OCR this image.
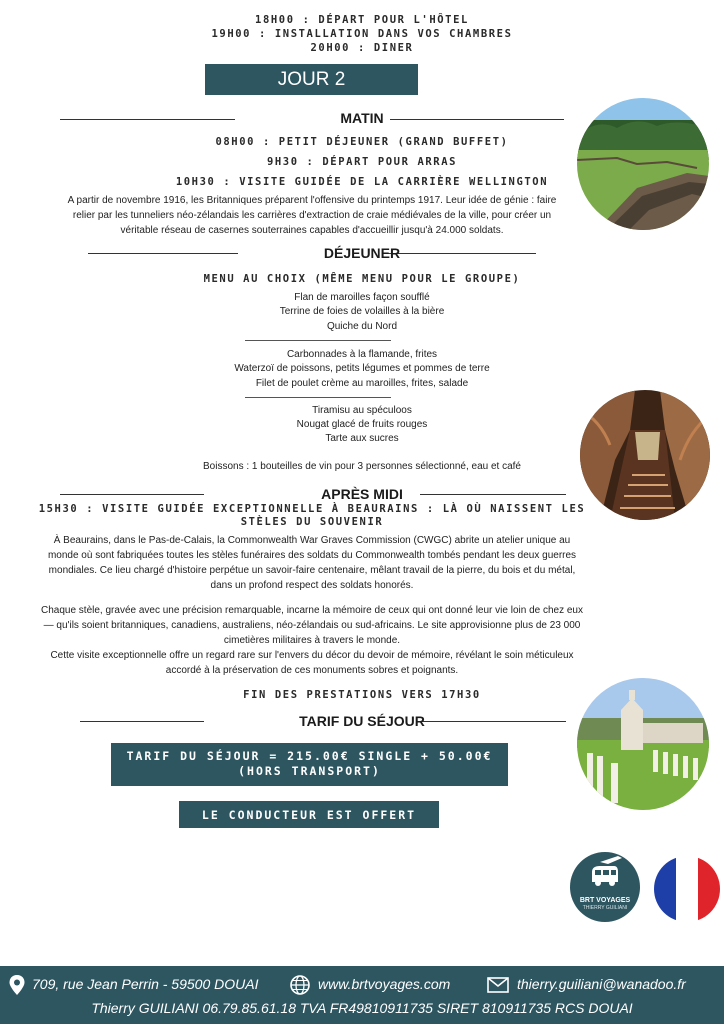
18H00 : DÉPART POUR L'HÔTEL
19H00 : INSTALLATION DANS VOS CHAMBRES
20H00 : DINER
JOUR 2
MATIN
08H00 : PETIT DÉJEUNER (GRAND BUFFET)
9H30 : DÉPART POUR ARRAS
10H30 : VISITE GUIDÉE DE LA CARRIÈRE WELLINGTON
A partir de novembre 1916, les Britanniques préparent l'offensive du printemps 1917. Leur idée de génie : faire relier par les tunneliers néo-zélandais les carrières d'extraction de craie médiévales de la ville, pour créer un véritable réseau de casernes souterraines capables d'accueillir jusqu'à 24.000 soldats.
DÉJEUNER
MENU AU CHOIX (MÊME MENU POUR LE GROUPE)
Flan de maroilles façon soufflé
Terrine de foies de volailles à la bière
Quiche du Nord
Carbonnades à la flamande, frites
Waterzoï de poissons, petits légumes et pommes de terre
Filet de poulet crème au maroilles, frites, salade
Tiramisu au spéculoos
Nougat glacé de fruits rouges
Tarte aux sucres
Boissons : 1 bouteilles de vin pour 3 personnes sélectionné, eau et café
APRÈS MIDI
15H30 : VISITE GUIDÉE EXCEPTIONNELLE À BEAURAINS : LÀ OÙ NAISSENT LES STÈLES DU SOUVENIR
À Beaurains, dans le Pas-de-Calais, la Commonwealth War Graves Commission (CWGC) abrite un atelier unique au monde où sont fabriquées toutes les stèles funéraires des soldats du Commonwealth tombés pendant les deux guerres mondiales. Ce lieu chargé d'histoire perpétue un savoir-faire centenaire, mêlant travail de la pierre, du bois et du métal, dans un profond respect des soldats honorés.
Chaque stèle, gravée avec une précision remarquable, incarne la mémoire de ceux qui ont donné leur vie loin de chez eux — qu'ils soient britanniques, canadiens, australiens, néo-zélandais ou sud-africains. Le site approvisionne plus de 23 000 cimetières militaires à travers le monde.
Cette visite exceptionnelle offre un regard rare sur l'envers du décor du devoir de mémoire, révélant le soin méticuleux accordé à la préservation de ces monuments sobres et poignants.
FIN DES PRESTATIONS VERS 17H30
TARIF DU SÉJOUR
TARIF DU SÉJOUR = 215.00€ SINGLE + 50.00€
(HORS TRANSPORT)
LE CONDUCTEUR EST OFFERT
BRT VOYAGES
THIERRY GUILIANI
709, rue Jean Perrin - 59500 DOUAI	www.brtvoyages.com	thierry.guiliani@wanadoo.fr
Thierry GUILIANI 06.79.85.61.18 TVA FR49810911735 SIRET 810911735 RCS DOUAI
